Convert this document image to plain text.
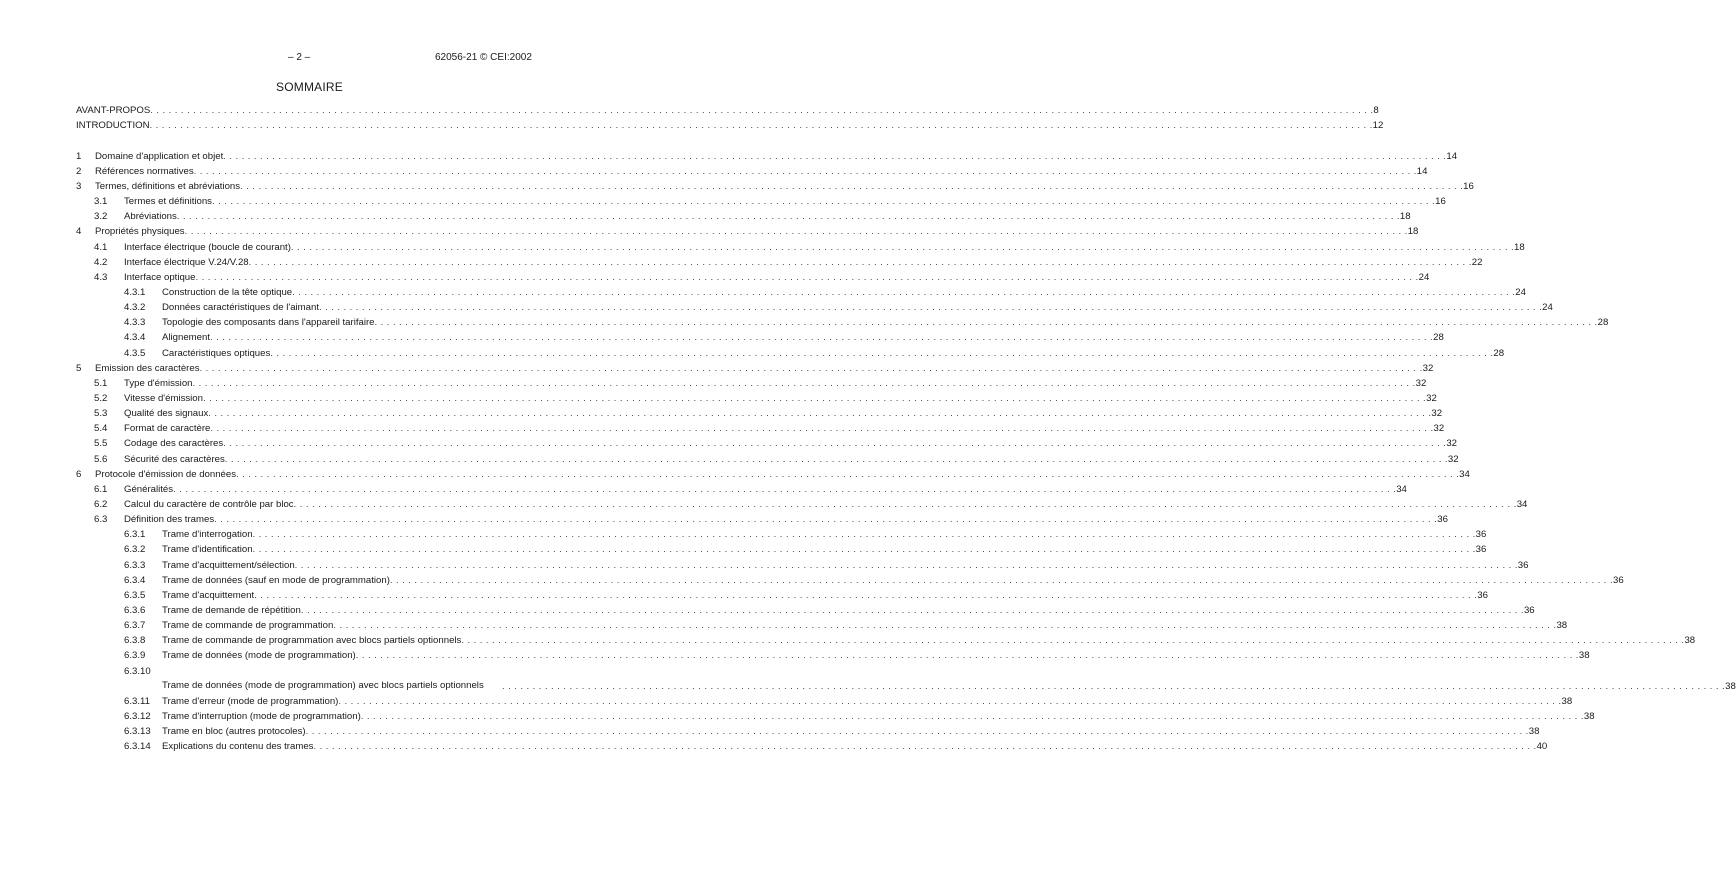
– 2 –	62056-21 © CEI:2002
SOMMAIRE
AVANT-PROPOS . . . . . . . . . . . . . . . . . . . . . . . . . . . . . . . . . . . . . . . . . . . . . . . . . . . . . . . . . . . . . . . . . . . . . . . . . . . . . . . . . . . . . . . . . . . . . . . . . . . . . . . . . . . . . . . . . . . . . . . . . . . . . . . . . . . . . . . . . . . . . . . . . . . . . . . . . . . . . . . . . . . . . . . . . . . . . . . . . . . . . . . . . . . . . . . . . . . . . . . . 8
INTRODUCTION . . . . . . . . . . . . . . . . . . . . . . . . . . . . . . . . . . . . . . . . . . . . . . . . . . . . . . . . . . . . . . . . . . . . . . . . . . . . . . . . . . . . . . . . . . . . . . . . . . . . . . . . . . . . . . . . . . . . . . . . . . . . . . . . . . . . . . . . . . . . . . . . . . . . . . . . . . . . . . . . . . . . . . . . . . . . . . . . . . . . . . . . . . . . . . . . . . . . . . . . 12
1 Domaine d'application et objet . . . . . . . . . . . . . . . . . . . . . . . . . . . . . . . . . . . . . . . . . . . . . . . . . . . . . . . . . . . . . . . . . . . . . . . . . . . . . . . . . . . . . . . . . . . . . . . . . . . . . . . . . . . . . . . . . . . . . . . . . . . . . . . . . . . . . . . . . . . . . . . . . . . . . . . . . . . . . . . . . . . . . . . . . . . . . . . . . . . . . . . . . . . . . . . . . . . . . . . . 14
2 Références normatives . . . . . . . . . . . . . . . . . . . . . . . . . . . . . . . . . . . . . . . . . . . . . . . . . . . . . . . . . . . . . . . . . . . . . . . . . . . . . . . . . . . . . . . . . . . . . . . . . . . . . . . . . . . . . . . . . . . . . . . . . . . . . . . . . . . . . . . . . . . . . . . . . . . . . . . . . . . . . . . . . . . . . . . . . . . . . . . . . . . . . . . . . . . . . . . . . . . . . . . . 14
3 Termes, définitions et abréviations . . . . . . . . . . . . . . . . . . . . . . . . . . . . . . . . . . . . . . . . . . . . . . . . . . . . . . . . . . . . . . . . . . . . . . . . . . . . . . . . . . . . . . . . . . . . . . . . . . . . . . . . . . . . . . . . . . . . . . . . . . . . . . . . . . . . . . . . . . . . . . . . . . . . . . . . . . . . . . . . . . . . . . . . . . . . . . . . . . . . . . . . . . . . . . . . . . . . . . . . 16
3.1 Termes et définitions . . . . . . . . . . . . . . . . . . . . . . . . . . . . . . . . . . . . . . . . . . . . . . . . . . . . . . . . . . . . . . . . . . . . . . . . . . . . . . . . . . . . . . . . . . . . . . . . . . . . . . . . . . . . . . . . . . . . . . . . . . . . . . . . . . . . . . . . . . . . . . . . . . . . . . . . . . . . . . . . . . . . . . . . . . . . . . . . . . . . . . . . . . . . . . . . . . . . . . . . 16
3.2 Abréviations . . . . . . . . . . . . . . . . . . . . . . . . . . . . . . . . . . . . . . . . . . . . . . . . . . . . . . . . . . . . . . . . . . . . . . . . . . . . . . . . . . . . . . . . . . . . . . . . . . . . . . . . . . . . . . . . . . . . . . . . . . . . . . . . . . . . . . . . . . . . . . . . . . . . . . . . . . . . . . . . . . . . . . . . . . . . . . . . . . . . . . . . . . . . . . . . . . . . . . . . 18
4 Propriétés physiques . . . . . . . . . . . . . . . . . . . . . . . . . . . . . . . . . . . . . . . . . . . . . . . . . . . . . . . . . . . . . . . . . . . . . . . . . . . . . . . . . . . . . . . . . . . . . . . . . . . . . . . . . . . . . . . . . . . . . . . . . . . . . . . . . . . . . . . . . . . . . . . . . . . . . . . . . . . . . . . . . . . . . . . . . . . . . . . . . . . . . . . . . . . . . . . . . . . . . . . . 18
4.1 Interface électrique (boucle de courant) . . . . . . . . . . . . . . . . . . . . . . . . . . . . . . . . . . . . . . . . . . . . . . . . . . . . . . . . . . . . . . . . . . . . . . . . . . . . . . . . . . . . . . . . . . . . . . . . . . . . . . . . . . . . . . . . . . . . . . . . . . . . . . . . . . . . . . . . . . . . . . . . . . . . . . . . . . . . . . . . . . . . . . . . . . . . . . . . . . . . . . . . . . . . . . . . . . . . . . . . 18
4.2 Interface électrique V.24/V.28 . . . . . . . . . . . . . . . . . . . . . . . . . . . . . . . . . . . . . . . . . . . . . . . . . . . . . . . . . . . . . . . . . . . . . . . . . . . . . . . . . . . . . . . . . . . . . . . . . . . . . . . . . . . . . . . . . . . . . . . . . . . . . . . . . . . . . . . . . . . . . . . . . . . . . . . . . . . . . . . . . . . . . . . . . . . . . . . . . . . . . . . . . . . . . . . . . . . . . . . . 22
4.3 Interface optique . . . . . . . . . . . . . . . . . . . . . . . . . . . . . . . . . . . . . . . . . . . . . . . . . . . . . . . . . . . . . . . . . . . . . . . . . . . . . . . . . . . . . . . . . . . . . . . . . . . . . . . . . . . . . . . . . . . . . . . . . . . . . . . . . . . . . . . . . . . . . . . . . . . . . . . . . . . . . . . . . . . . . . . . . . . . . . . . . . . . . . . . . . . . . . . . . . . . . . . . 24
4.3.1 Construction de la tête optique . . . . . . . . . . . . . . . . . . . . . . . . . . . . . . . . . . . . . . . . . . . . . . . . . . . . . . . . . . . . . . . . . . . . . . . . . . . . . . . . . . . . . . . . . . . . . . . . . . . . . . . . . . . . . . . . . . . . . . . . . . . . . . . . . . . . . . . . . . . . . . . . . . . . . . . . . . . . . . . . . . . . . . . . . . . . . . . . . . . . . . . . . . . . . . . . . . . . . . . . 24
4.3.2 Données caractéristiques de l'aimant . . . . . . . . . . . . . . . . . . . . . . . . . . . . . . . . . . . . . . . . . . . . . . . . . . . . . . . . . . . . . . . . . . . . . . . . . . . . . . . . . . . . . . . . . . . . . . . . . . . . . . . . . . . . . . . . . . . . . . . . . . . . . . . . . . . . . . . . . . . . . . . . . . . . . . . . . . . . . . . . . . . . . . . . . . . . . . . . . . . . . . . . . . . . . . . . . . . . . . . . 24
4.3.3 Topologie des composants dans l'appareil tarifaire . . . . . . . . . . . . . . . . . . . . . . . . . . . . . . . . . . . . . . . . . . . . . . . . . . . . . . . . . . . . . . . . . . . . . . . . . . . . . . . . . . . . . . . . . . . . . . . . . . . . . . . . . . . . . . . . . . . . . . . . . . . . . . . . . . . . . . . . . . . . . . . . . . . . . . . . . . . . . . . . . . . . . . . . . . . . . . . . . . . . . . . . . . . . . . . . . . . . . . . . 28
4.3.4 Alignement . . . . . . . . . . . . . . . . . . . . . . . . . . . . . . . . . . . . . . . . . . . . . . . . . . . . . . . . . . . . . . . . . . . . . . . . . . . . . . . . . . . . . . . . . . . . . . . . . . . . . . . . . . . . . . . . . . . . . . . . . . . . . . . . . . . . . . . . . . . . . . . . . . . . . . . . . . . . . . . . . . . . . . . . . . . . . . . . . . . . . . . . . . . . . . . . . . . . . . . . 28
4.3.5 Caractéristiques optiques . . . . . . . . . . . . . . . . . . . . . . . . . . . . . . . . . . . . . . . . . . . . . . . . . . . . . . . . . . . . . . . . . . . . . . . . . . . . . . . . . . . . . . . . . . . . . . . . . . . . . . . . . . . . . . . . . . . . . . . . . . . . . . . . . . . . . . . . . . . . . . . . . . . . . . . . . . . . . . . . . . . . . . . . . . . . . . . . . . . . . . . . . . . . . . . . . . . . . . . . 28
5 Emission des caractères . . . . . . . . . . . . . . . . . . . . . . . . . . . . . . . . . . . . . . . . . . . . . . . . . . . . . . . . . . . . . . . . . . . . . . . . . . . . . . . . . . . . . . . . . . . . . . . . . . . . . . . . . . . . . . . . . . . . . . . . . . . . . . . . . . . . . . . . . . . . . . . . . . . . . . . . . . . . . . . . . . . . . . . . . . . . . . . . . . . . . . . . . . . . . . . . . . . . . . . . 32
5.1 Type d'émission . . . . . . . . . . . . . . . . . . . . . . . . . . . . . . . . . . . . . . . . . . . . . . . . . . . . . . . . . . . . . . . . . . . . . . . . . . . . . . . . . . . . . . . . . . . . . . . . . . . . . . . . . . . . . . . . . . . . . . . . . . . . . . . . . . . . . . . . . . . . . . . . . . . . . . . . . . . . . . . . . . . . . . . . . . . . . . . . . . . . . . . . . . . . . . . . . . . . . . . . 32
5.2 Vitesse d'émission . . . . . . . . . . . . . . . . . . . . . . . . . . . . . . . . . . . . . . . . . . . . . . . . . . . . . . . . . . . . . . . . . . . . . . . . . . . . . . . . . . . . . . . . . . . . . . . . . . . . . . . . . . . . . . . . . . . . . . . . . . . . . . . . . . . . . . . . . . . . . . . . . . . . . . . . . . . . . . . . . . . . . . . . . . . . . . . . . . . . . . . . . . . . . . . . . . . . . . . . 32
5.3 Qualité des signaux . . . . . . . . . . . . . . . . . . . . . . . . . . . . . . . . . . . . . . . . . . . . . . . . . . . . . . . . . . . . . . . . . . . . . . . . . . . . . . . . . . . . . . . . . . . . . . . . . . . . . . . . . . . . . . . . . . . . . . . . . . . . . . . . . . . . . . . . . . . . . . . . . . . . . . . . . . . . . . . . . . . . . . . . . . . . . . . . . . . . . . . . . . . . . . . . . . . . . . . . 32
5.4 Format de caractère . . . . . . . . . . . . . . . . . . . . . . . . . . . . . . . . . . . . . . . . . . . . . . . . . . . . . . . . . . . . . . . . . . . . . . . . . . . . . . . . . . . . . . . . . . . . . . . . . . . . . . . . . . . . . . . . . . . . . . . . . . . . . . . . . . . . . . . . . . . . . . . . . . . . . . . . . . . . . . . . . . . . . . . . . . . . . . . . . . . . . . . . . . . . . . . . . . . . . . . . 32
5.5 Codage des caractères . . . . . . . . . . . . . . . . . . . . . . . . . . . . . . . . . . . . . . . . . . . . . . . . . . . . . . . . . . . . . . . . . . . . . . . . . . . . . . . . . . . . . . . . . . . . . . . . . . . . . . . . . . . . . . . . . . . . . . . . . . . . . . . . . . . . . . . . . . . . . . . . . . . . . . . . . . . . . . . . . . . . . . . . . . . . . . . . . . . . . . . . . . . . . . . . . . . . . . . . 32
5.6 Sécurité des caractères . . . . . . . . . . . . . . . . . . . . . . . . . . . . . . . . . . . . . . . . . . . . . . . . . . . . . . . . . . . . . . . . . . . . . . . . . . . . . . . . . . . . . . . . . . . . . . . . . . . . . . . . . . . . . . . . . . . . . . . . . . . . . . . . . . . . . . . . . . . . . . . . . . . . . . . . . . . . . . . . . . . . . . . . . . . . . . . . . . . . . . . . . . . . . . . . . . . . . . . . 32
6 Protocole d'émission de données . . . . . . . . . . . . . . . . . . . . . . . . . . . . . . . . . . . . . . . . . . . . . . . . . . . . . . . . . . . . . . . . . . . . . . . . . . . . . . . . . . . . . . . . . . . . . . . . . . . . . . . . . . . . . . . . . . . . . . . . . . . . . . . . . . . . . . . . . . . . . . . . . . . . . . . . . . . . . . . . . . . . . . . . . . . . . . . . . . . . . . . . . . . . . . . . . . . . . . . . 34
6.1 Généralités . . . . . . . . . . . . . . . . . . . . . . . . . . . . . . . . . . . . . . . . . . . . . . . . . . . . . . . . . . . . . . . . . . . . . . . . . . . . . . . . . . . . . . . . . . . . . . . . . . . . . . . . . . . . . . . . . . . . . . . . . . . . . . . . . . . . . . . . . . . . . . . . . . . . . . . . . . . . . . . . . . . . . . . . . . . . . . . . . . . . . . . . . . . . . . . . . . . . . . . . 34
6.2 Calcul du caractère de contrôle par bloc . . . . . . . . . . . . . . . . . . . . . . . . . . . . . . . . . . . . . . . . . . . . . . . . . . . . . . . . . . . . . . . . . . . . . . . . . . . . . . . . . . . . . . . . . . . . . . . . . . . . . . . . . . . . . . . . . . . . . . . . . . . . . . . . . . . . . . . . . . . . . . . . . . . . . . . . . . . . . . . . . . . . . . . . . . . . . . . . . . . . . . . . . . . . . . . . . . . . . . . . 34
6.3 Définition des trames . . . . . . . . . . . . . . . . . . . . . . . . . . . . . . . . . . . . . . . . . . . . . . . . . . . . . . . . . . . . . . . . . . . . . . . . . . . . . . . . . . . . . . . . . . . . . . . . . . . . . . . . . . . . . . . . . . . . . . . . . . . . . . . . . . . . . . . . . . . . . . . . . . . . . . . . . . . . . . . . . . . . . . . . . . . . . . . . . . . . . . . . . . . . . . . . . . . . . . . . 36
6.3.1 Trame d'interrogation . . . . . . . . . . . . . . . . . . . . . . . . . . . . . . . . . . . . . . . . . . . . . . . . . . . . . . . . . . . . . . . . . . . . . . . . . . . . . . . . . . . . . . . . . . . . . . . . . . . . . . . . . . . . . . . . . . . . . . . . . . . . . . . . . . . . . . . . . . . . . . . . . . . . . . . . . . . . . . . . . . . . . . . . . . . . . . . . . . . . . . . . . . . . . . . . . . . . . . . . 36
6.3.2 Trame d'identification . . . . . . . . . . . . . . . . . . . . . . . . . . . . . . . . . . . . . . . . . . . . . . . . . . . . . . . . . . . . . . . . . . . . . . . . . . . . . . . . . . . . . . . . . . . . . . . . . . . . . . . . . . . . . . . . . . . . . . . . . . . . . . . . . . . . . . . . . . . . . . . . . . . . . . . . . . . . . . . . . . . . . . . . . . . . . . . . . . . . . . . . . . . . . . . . . . . . . . . . 36
6.3.3 Trame d'acquittement/sélection . . . . . . . . . . . . . . . . . . . . . . . . . . . . . . . . . . . . . . . . . . . . . . . . . . . . . . . . . . . . . . . . . . . . . . . . . . . . . . . . . . . . . . . . . . . . . . . . . . . . . . . . . . . . . . . . . . . . . . . . . . . . . . . . . . . . . . . . . . . . . . . . . . . . . . . . . . . . . . . . . . . . . . . . . . . . . . . . . . . . . . . . . . . . . . . . . . . . . . . . 36
6.3.4 Trame de données (sauf en mode de programmation) . . . . . . . . . . . . . . . . . . . . . . . . . . . . . . . . . . . . . . . . . . . . . . . . . . . . . . . . . . . . . . . . . . . . . . . . . . . . . . . . . . . . . . . . . . . . . . . . . . . . . . . . . . . . . . . . . . . . . . . . . . . . . . . . . . . . . . . . . . . . . . . . . . . . . . . . . . . . . . . . . . . . . . . . . . . . . . . . . . . . . . . . . . . . . . . . . . . . . . . . 36
6.3.5 Trame d'acquittement . . . . . . . . . . . . . . . . . . . . . . . . . . . . . . . . . . . . . . . . . . . . . . . . . . . . . . . . . . . . . . . . . . . . . . . . . . . . . . . . . . . . . . . . . . . . . . . . . . . . . . . . . . . . . . . . . . . . . . . . . . . . . . . . . . . . . . . . . . . . . . . . . . . . . . . . . . . . . . . . . . . . . . . . . . . . . . . . . . . . . . . . . . . . . . . . . . . . . . . . 36
6.3.6 Trame de demande de répétition . . . . . . . . . . . . . . . . . . . . . . . . . . . . . . . . . . . . . . . . . . . . . . . . . . . . . . . . . . . . . . . . . . . . . . . . . . . . . . . . . . . . . . . . . . . . . . . . . . . . . . . . . . . . . . . . . . . . . . . . . . . . . . . . . . . . . . . . . . . . . . . . . . . . . . . . . . . . . . . . . . . . . . . . . . . . . . . . . . . . . . . . . . . . . . . . . . . . . . . . 36
6.3.7 Trame de commande de programmation . . . . . . . . . . . . . . . . . . . . . . . . . . . . . . . . . . . . . . . . . . . . . . . . . . . . . . . . . . . . . . . . . . . . . . . . . . . . . . . . . . . . . . . . . . . . . . . . . . . . . . . . . . . . . . . . . . . . . . . . . . . . . . . . . . . . . . . . . . . . . . . . . . . . . . . . . . . . . . . . . . . . . . . . . . . . . . . . . . . . . . . . . . . . . . . . . . . . . . . . 38
6.3.8 Trame de commande de programmation avec blocs partiels optionnels . . . . . . . . . . . . . . . . . . . . . . . . . . . . . . . . . . . . . . . . . . . . . . . . . . . . . . . . . . . . . . . . . . . . . . . . . . . . . . . . . . . . . . . . . . . . . . . . . . . . . . . . . . . . . . . . . . . . . . . . . . . . . . . . . . . . . . . . . . . . . . . . . . . . . . . . . . . . . . . . . . . . . . . . . . . . . . . . . . . . . . . . . . . . . . . . . . . . . . . . 38
6.3.9 Trame de données (mode de programmation) . . . . . . . . . . . . . . . . . . . . . . . . . . . . . . . . . . . . . . . . . . . . . . . . . . . . . . . . . . . . . . . . . . . . . . . . . . . . . . . . . . . . . . . . . . . . . . . . . . . . . . . . . . . . . . . . . . . . . . . . . . . . . . . . . . . . . . . . . . . . . . . . . . . . . . . . . . . . . . . . . . . . . . . . . . . . . . . . . . . . . . . . . . . . . . . . . . . . . . . . 38
6.3.10
Trame de données (mode de programmation) avec blocs partiels optionnels	. . . . . . . . . . . . . . . . . . . . . . . . . . . . . . . . . . . . . . . . . . . . . . . . . . . . . . . . . . . . . . . . . . . . . . . . . . . . . . . . . . . . . . . . . . . . . . . . . . . . . . . . . . . . . . . . . . . . . . . . . . . . . . . . . . . . . . . . . . . . . . . . . . . . . . . . . . . . . . . . . . . . . . . . . . . . . . . . . . . . . . . . . . . . . . . . . . . . . . . . 38
6.3.11 Trame d'erreur (mode de programmation) . . . . . . . . . . . . . . . . . . . . . . . . . . . . . . . . . . . . . . . . . . . . . . . . . . . . . . . . . . . . . . . . . . . . . . . . . . . . . . . . . . . . . . . . . . . . . . . . . . . . . . . . . . . . . . . . . . . . . . . . . . . . . . . . . . . . . . . . . . . . . . . . . . . . . . . . . . . . . . . . . . . . . . . . . . . . . . . . . . . . . . . . . . . . . . . . . . . . . . . . 38
6.3.12 Trame d'interruption (mode de programmation) . . . . . . . . . . . . . . . . . . . . . . . . . . . . . . . . . . . . . . . . . . . . . . . . . . . . . . . . . . . . . . . . . . . . . . . . . . . . . . . . . . . . . . . . . . . . . . . . . . . . . . . . . . . . . . . . . . . . . . . . . . . . . . . . . . . . . . . . . . . . . . . . . . . . . . . . . . . . . . . . . . . . . . . . . . . . . . . . . . . . . . . . . . . . . . . . . . . . . . . . 38
6.3.13 Trame en bloc (autres protocoles) . . . . . . . . . . . . . . . . . . . . . . . . . . . . . . . . . . . . . . . . . . . . . . . . . . . . . . . . . . . . . . . . . . . . . . . . . . . . . . . . . . . . . . . . . . . . . . . . . . . . . . . . . . . . . . . . . . . . . . . . . . . . . . . . . . . . . . . . . . . . . . . . . . . . . . . . . . . . . . . . . . . . . . . . . . . . . . . . . . . . . . . . . . . . . . . . . . . . . . . . 38
6.3.14 Explications du contenu des trames . . . . . . . . . . . . . . . . . . . . . . . . . . . . . . . . . . . . . . . . . . . . . . . . . . . . . . . . . . . . . . . . . . . . . . . . . . . . . . . . . . . . . . . . . . . . . . . . . . . . . . . . . . . . . . . . . . . . . . . . . . . . . . . . . . . . . . . . . . . . . . . . . . . . . . . . . . . . . . . . . . . . . . . . . . . . . . . . . . . . . . . . . . . . . . . . . . . . . . . . 40
